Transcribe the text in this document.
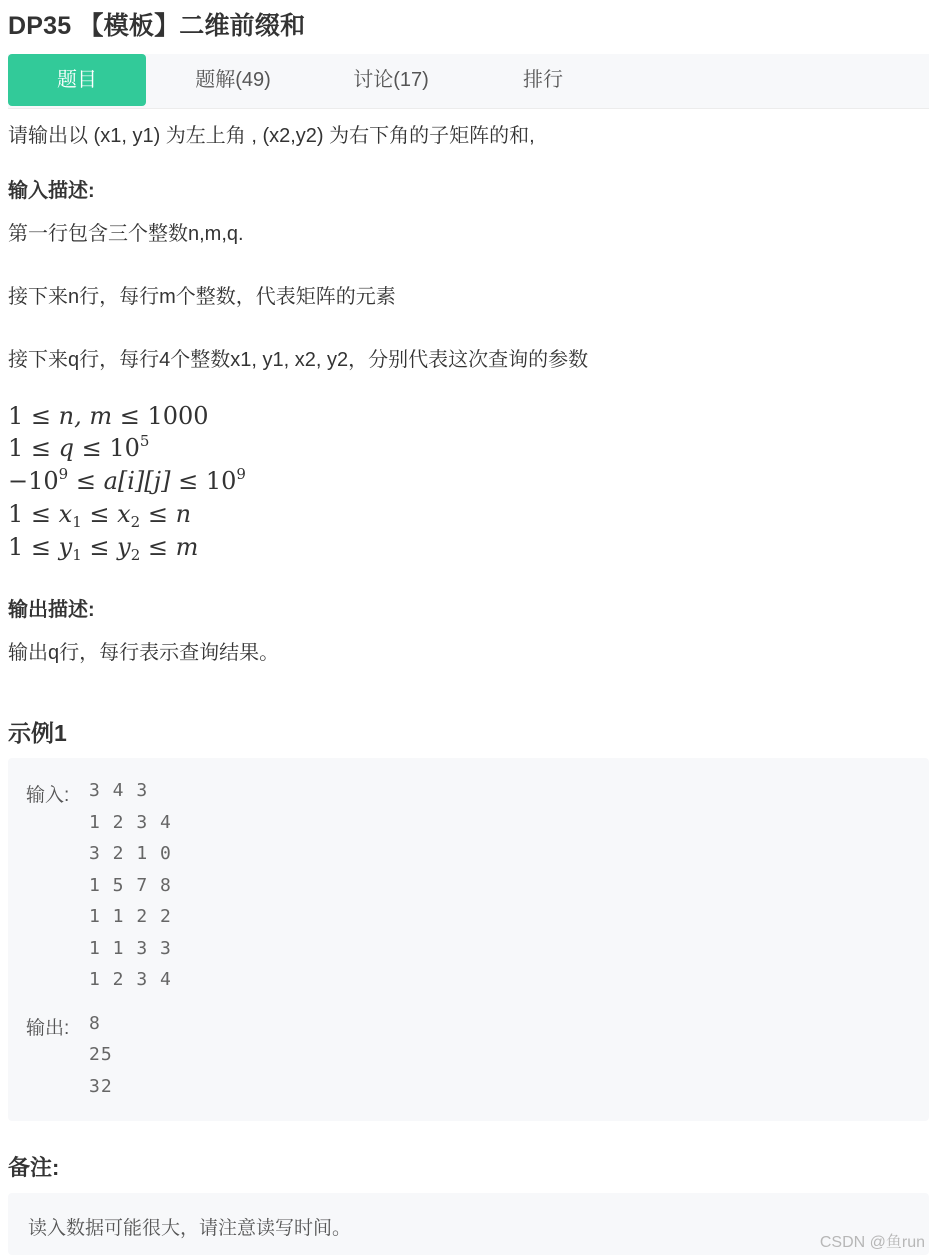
DP35 【模板】二维前缀和
题目	题解(49)	讨论(17)	排行
请输出以 (x1, y1) 为左上角 , (x2,y2) 为右下角的子矩阵的和,
输入描述:
第一行包含三个整数n,m,q.
接下来n行，每行m个整数，代表矩阵的元素
接下来q行，每行4个整数x1, y1, x2, y2，分别代表这次查询的参数
1 ≤ n, m ≤ 1000
$1 \le q \le 10^5$
$-10^9 \le a[i][j] \le 10^9$
$1 \le x_1 \le x_2 \le n$
$1 \le y_1 \le y_2 \le m$
输出描述:
输出q行，每行表示查询结果。
示例1
输入: 3 4 3
1 2 3 4
3 2 1 0
1 5 7 8
1 1 2 2
1 1 3 3
1 2 3 4
输出: 8
25
32
备注:
读入数据可能很大，请注意读写时间。
CSDN @鱼run
